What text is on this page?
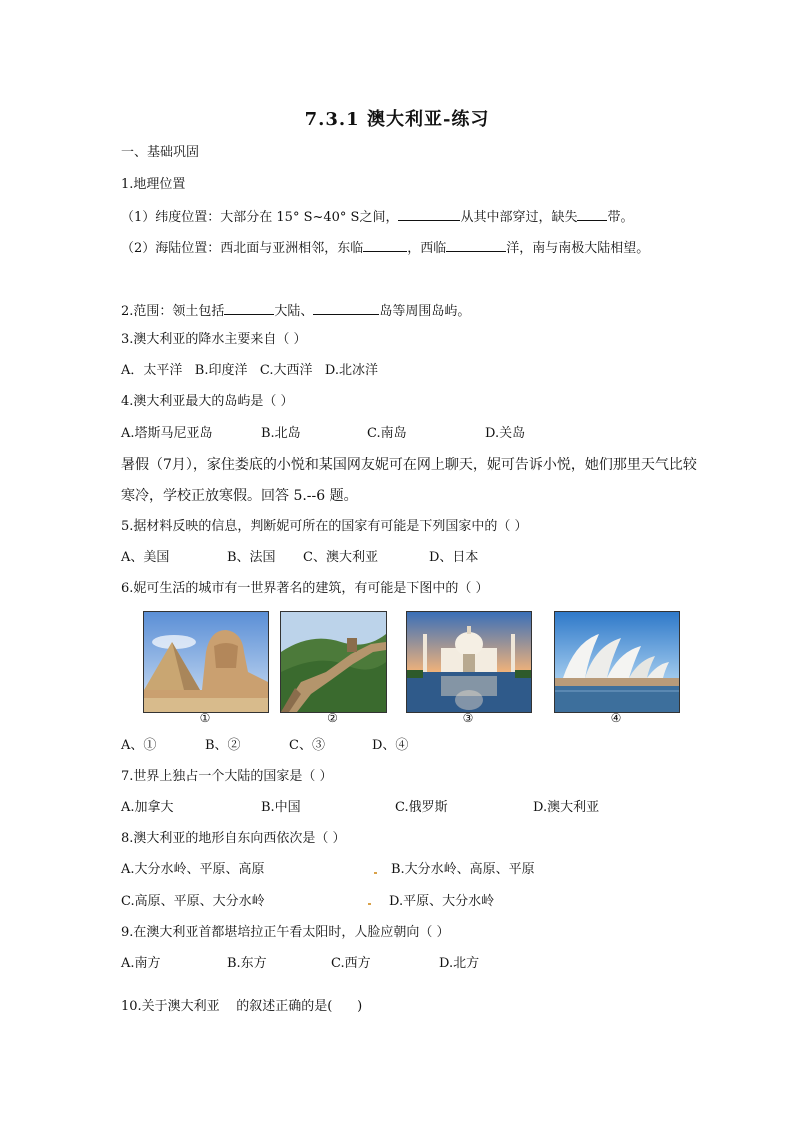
7.3.1 澳大利亚-练习
一、基础巩固
1.地理位置
（1）纬度位置：大部分在 15° S~40° S之间，	从其中部穿过，缺失 带。
（2）海陆位置：西北面与亚洲相邻，东临	，西临	洋，南与南极大陆相望。
2.范围：领土包括	大陆、	岛等周围岛屿。
3.澳大利亚的降水主要来自（ ）
A．太平洋   B.印度洋   C.大西洋   D.北冰洋
4.澳大利亚最大的岛屿是（ ）
A.塔斯马尼亚岛	B.北岛	C.南岛	D.关岛
暑假（7月），家住娄底的小悦和某国网友妮可在网上聊天，妮可告诉小悦，她们那里天气比较
寒冷，学校正放寒假。回答 5.--6 题。
5.据材料反映的信息，判断妮可所在的国家有可能是下列国家中的（ ）
A、美国	B、法国 C、澳大利亚	D、日本
6.妮可生活的城市有一世界著名的建筑，有可能是下图中的（ ）
①	②	③	④
A、①	B、②	C、③	D、④
7.世界上独占一个大陆的国家是（ ）
A.加拿大	B.中国	C.俄罗斯	D.澳大利亚
8.澳大利亚的地形自东向西依次是（ ）
A.大分水岭、平原、高原	B.大分水岭、高原、平原
C.高原、平原、大分水岭	D.平原、大分水岭
9.在澳大利亚首都堪培拉正午看太阳时，人脸应朝向（ ）
A.南方	B.东方	C.西方	D.北方
10.关于澳大利亚    的叙述正确的是(      )
